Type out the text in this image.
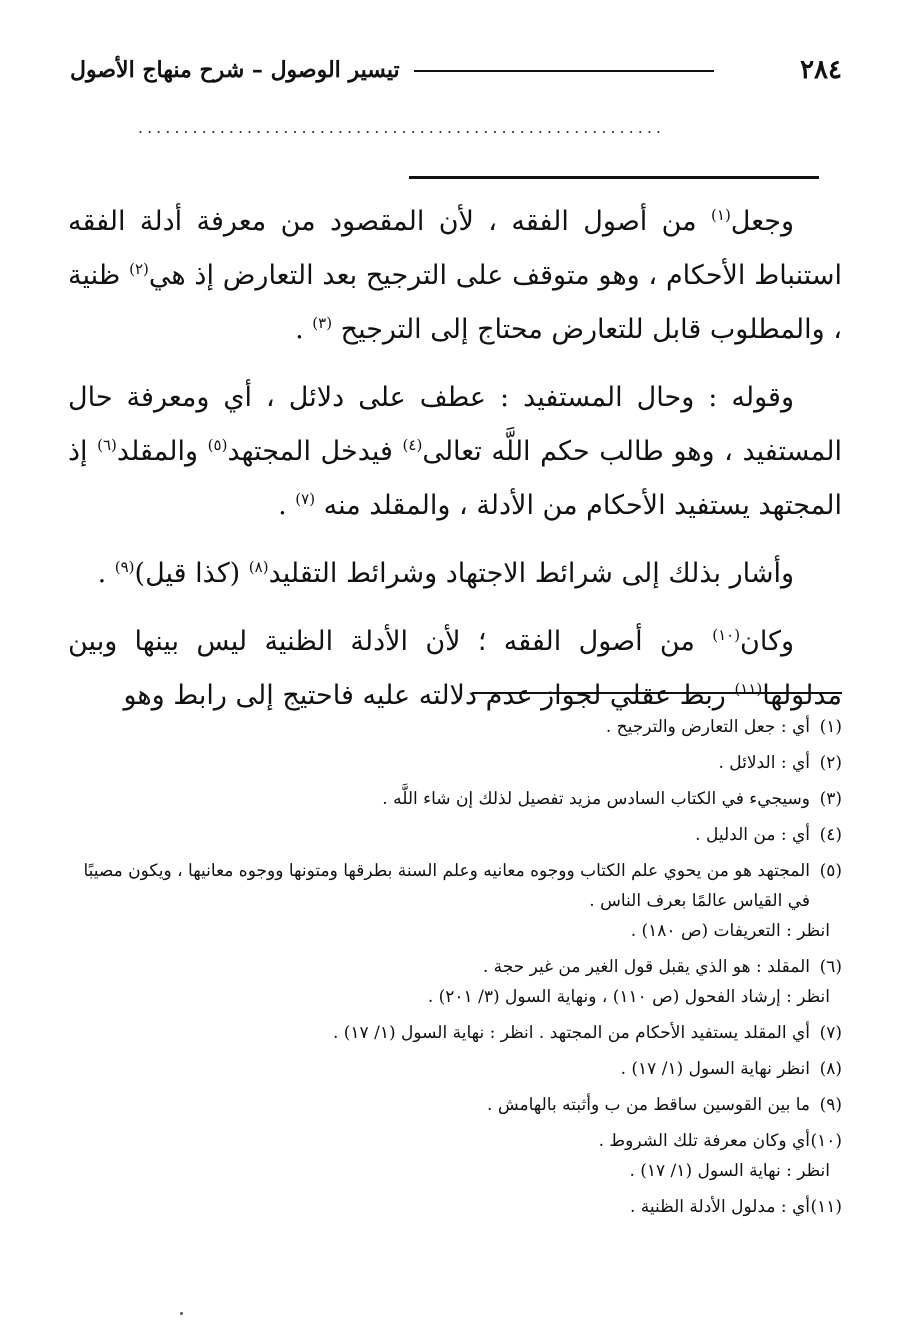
٢٨٤
تيسير الوصول – شرح منهاج الأصول
..........................................................

وجعل$^{(١)}$ من أصول الفقه ، لأن المقصود من معرفة أدلة الفقه استنباط الأحكام ، وهو متوقف على الترجيح بعد التعارض إذ هي$^{(٢)}$ ظنية ، والمطلوب قابل للتعارض محتاج إلى الترجيح $^{(٣)}$ .

وقوله : وحال المستفيد : عطف على دلائل ، أي ومعرفة حال المستفيد ، وهو طالب حكم اللَّه تعالى$^{(٤)}$ فيدخل المجتهد$^{(٥)}$ والمقلد$^{(٦)}$ إذ المجتهد يستفيد الأحكام من الأدلة ، والمقلد منه $^{(٧)}$ .

وأشار بذلك إلى شرائط الاجتهاد وشرائط التقليد$^{(٨)}$ (كذا قيل)$^{(٩)}$ .

وكان$^{(١٠)}$ من أصول الفقه ؛ لأن الأدلة الظنية ليس بينها وبين مدلولها$^{(١١)}$ ربط عقلي لجواز عدم دلالته عليه فاحتيج إلى رابط وهو

(١)أي : جعل التعارض والترجيح .
(٢)أي : الدلائل .
(٣)وسيجيء في الكتاب السادس مزيد تفصيل لذلك إن شاء اللَّه .
(٤)أي : من الدليل .
(٥)المجتهد هو من يحوي علم الكتاب ووجوه معانيه وعلم السنة بطرقها ومتونها ووجوه معانيها ، ويكون مصيبًا في القياس عالمًا بعرف الناس .
انظر : التعريفات (ص ١٨٠) .
(٦)المقلد : هو الذي يقبل قول الغير من غير حجة .
انظر : إرشاد الفحول (ص ١١٠) ، ونهاية السول (٣/ ٢٠١) .
(٧)أي المقلد يستفيد الأحكام من المجتهد . انظر : نهاية السول (١/ ١٧) .
(٨)انظر نهاية السول (١/ ١٧) .
(٩)ما بين القوسين ساقط من ب وأثبته بالهامش .
(١٠)أي وكان معرفة تلك الشروط .
انظر : نهاية السول (١/ ١٧) .
(١١)أي : مدلول الأدلة الظنية .
